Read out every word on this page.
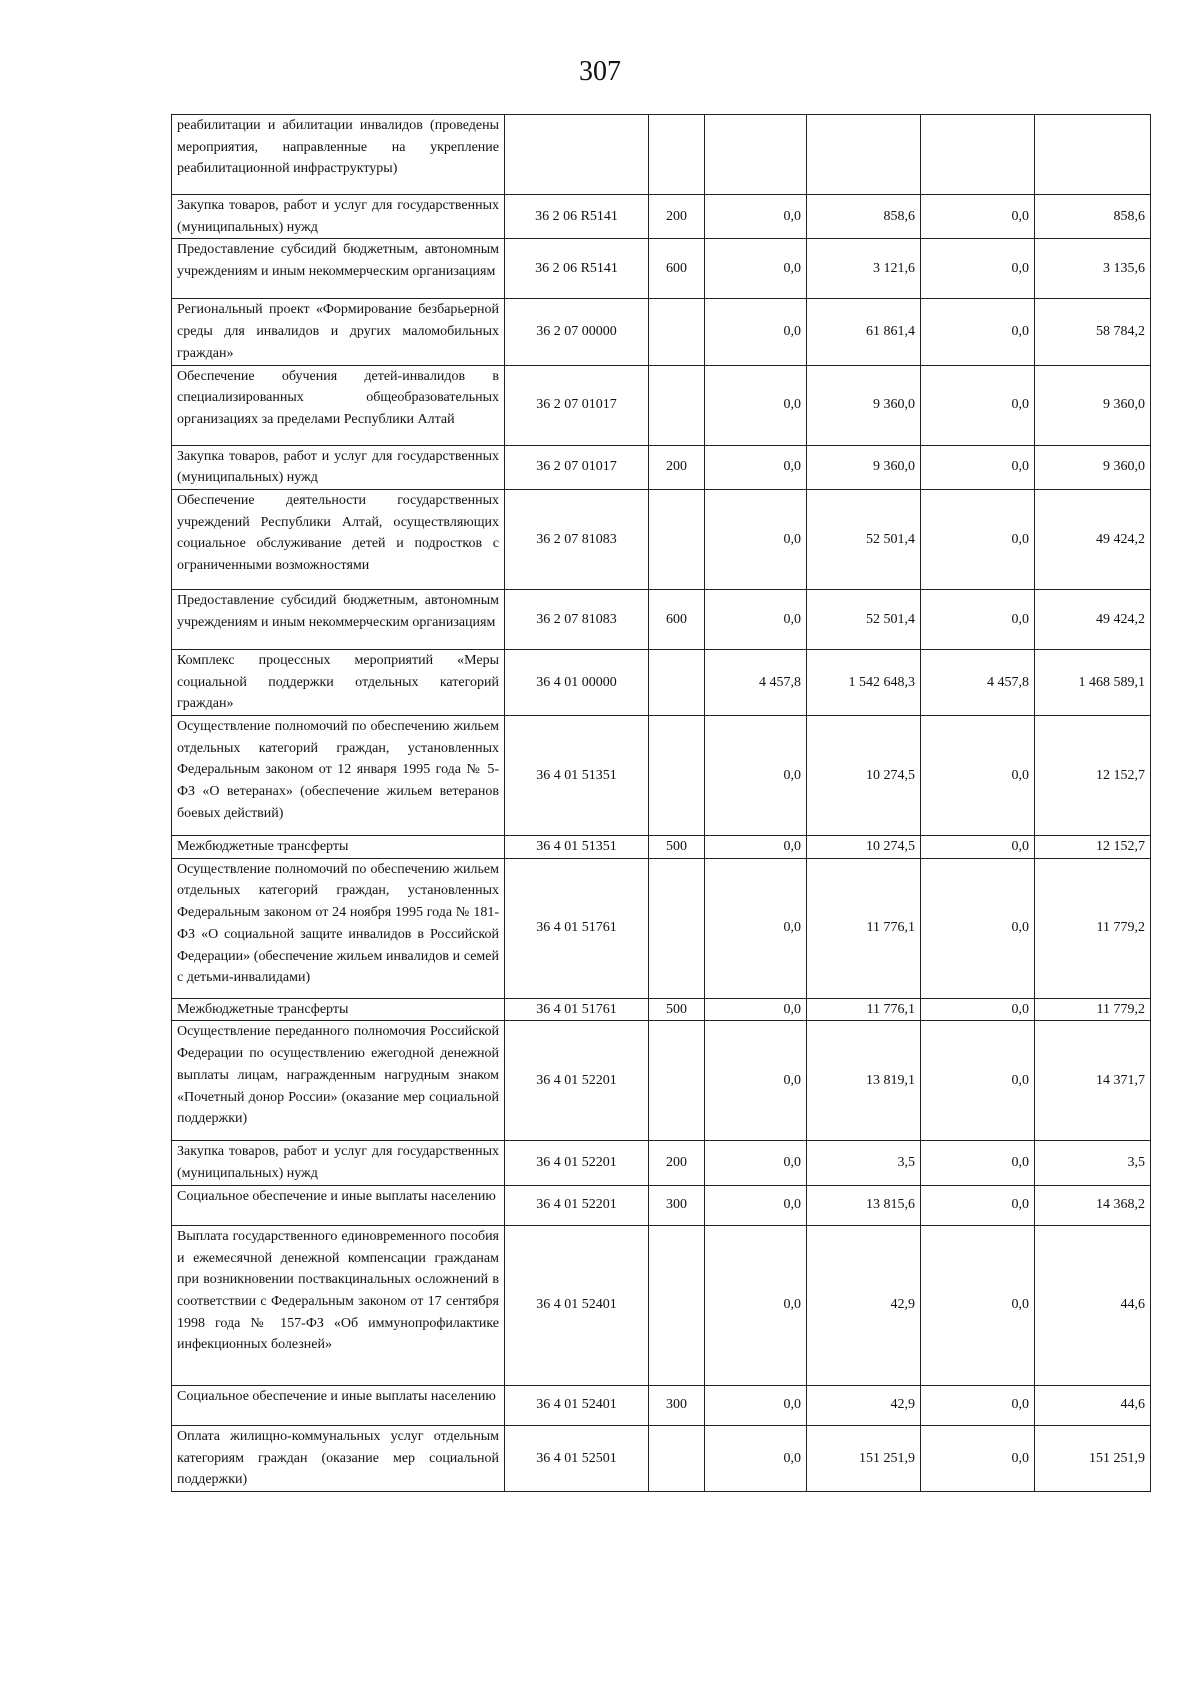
307
реабилитации и абилитации инвалидов (проведены мероприятия, направленные на укрепление реабилитационной инфраструктуры)						
Закупка товаров, работ и услуг для государственных (муниципальных) нужд	36 2 06 R5141	200	0,0	858,6	0,0	858,6
Предоставление субсидий бюджетным, автономным учреждениям и иным некоммерческим организациям	36 2 06 R5141	600	0,0	3 121,6	0,0	3 135,6
Региональный проект «Формирование безбарьерной среды для инвалидов и других маломобильных граждан»	36 2 07 00000		0,0	61 861,4	0,0	58 784,2
Обеспечение обучения детей-инвалидов в специализированных общеобразовательных организациях за пределами Республики Алтай	36 2 07 01017		0,0	9 360,0	0,0	9 360,0
Закупка товаров, работ и услуг для государственных (муниципальных) нужд	36 2 07 01017	200	0,0	9 360,0	0,0	9 360,0
Обеспечение деятельности государственных учреждений Республики Алтай, осуществляющих социальное обслуживание детей и подростков с ограниченными возможностями	36 2 07 81083		0,0	52 501,4	0,0	49 424,2
Предоставление субсидий бюджетным, автономным учреждениям и иным некоммерческим организациям	36 2 07 81083	600	0,0	52 501,4	0,0	49 424,2
Комплекс процессных мероприятий «Меры социальной поддержки отдельных категорий граждан»	36 4 01 00000		4 457,8	1 542 648,3	4 457,8	1 468 589,1
Осуществление полномочий по обеспечению жильем отдельных категорий граждан, установленных Федеральным законом от 12 января 1995 года № 5-ФЗ «О ветеранах» (обеспечение жильем ветеранов боевых действий)	36 4 01 51351		0,0	10 274,5	0,0	12 152,7
Межбюджетные трансферты	36 4 01 51351	500	0,0	10 274,5	0,0	12 152,7
Осуществление полномочий по обеспечению жильем отдельных категорий граждан, установленных Федеральным законом от 24 ноября 1995 года № 181-ФЗ «О социальной защите инвалидов в Российской Федерации» (обеспечение жильем инвалидов и семей с детьми-инвалидами)	36 4 01 51761		0,0	11 776,1	0,0	11 779,2
Межбюджетные трансферты	36 4 01 51761	500	0,0	11 776,1	0,0	11 779,2
Осуществление переданного полномочия Российской Федерации по осуществлению ежегодной денежной выплаты лицам, награжденным нагрудным знаком «Почетный донор России» (оказание мер социальной поддержки)	36 4 01 52201		0,0	13 819,1	0,0	14 371,7
Закупка товаров, работ и услуг для государственных (муниципальных) нужд	36 4 01 52201	200	0,0	3,5	0,0	3,5
Социальное обеспечение и иные выплаты населению	36 4 01 52201	300	0,0	13 815,6	0,0	14 368,2
Выплата государственного единовременного пособия и ежемесячной денежной компенсации гражданам при возникновении поствакцинальных осложнений в соответствии с Федеральным законом от 17 сентября 1998 года № 157-ФЗ «Об иммунопрофилактике инфекционных болезней»	36 4 01 52401		0,0	42,9	0,0	44,6
Социальное обеспечение и иные выплаты населению	36 4 01 52401	300	0,0	42,9	0,0	44,6
Оплата жилищно-коммунальных услуг отдельным категориям граждан (оказание мер социальной поддержки)	36 4 01 52501		0,0	151 251,9	0,0	151 251,9
